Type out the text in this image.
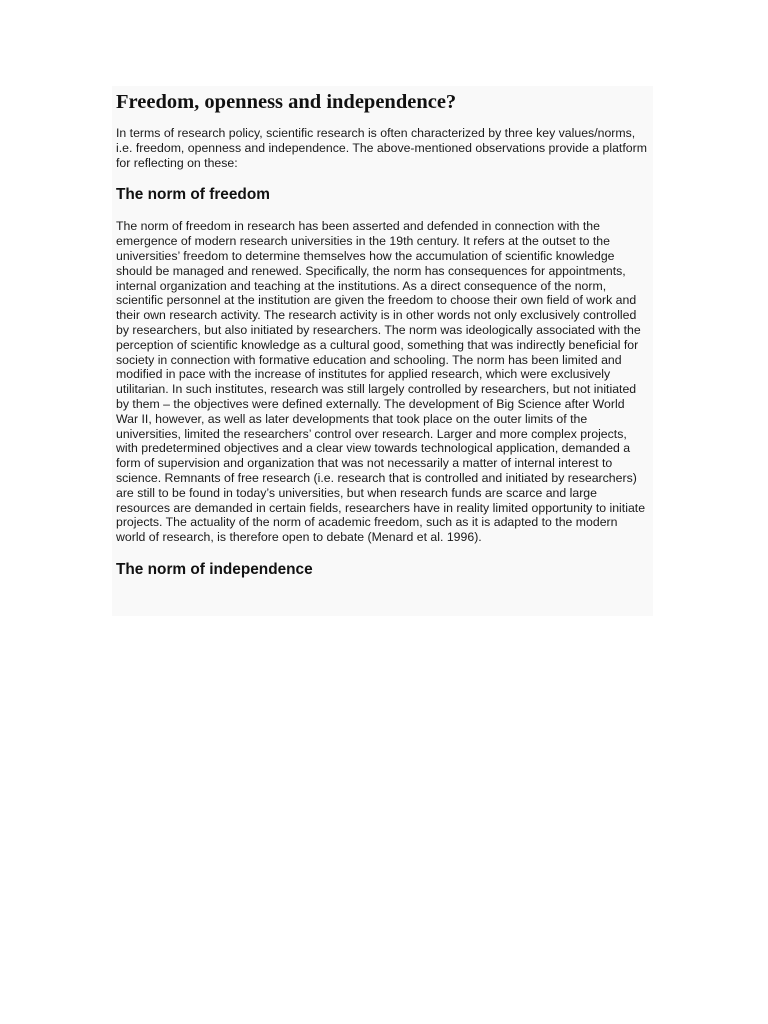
Freedom, openness and independence?

In terms of research policy, scientific research is often characterized by three key values/norms, i.e. freedom, openness and independence. The above-mentioned observations provide a platform for reflecting on these:

The norm of freedom

The norm of freedom in research has been asserted and defended in connection with the emergence of modern research universities in the 19th century. It refers at the outset to the universities’ freedom to determine themselves how the accumulation of scientific knowledge should be managed and renewed. Specifically, the norm has consequences for appointments, internal organization and teaching at the institutions. As a direct consequence of the norm, scientific personnel at the institution are given the freedom to choose their own field of work and their own research activity. The research activity is in other words not only exclusively controlled by researchers, but also initiated by researchers. The norm was ideologically associated with the perception of scientific knowledge as a cultural good, something that was indirectly beneficial for society in connection with formative education and schooling. The norm has been limited and modified in pace with the increase of institutes for applied research, which were exclusively utilitarian. In such institutes, research was still largely controlled by researchers, but not initiated by them – the objectives were defined externally. The development of Big Science after World War II, however, as well as later developments that took place on the outer limits of the universities, limited the researchers’ control over research. Larger and more complex projects, with predetermined objectives and a clear view towards technological application, demanded a form of supervision and organization that was not necessarily a matter of internal interest to science. Remnants of free research (i.e. research that is controlled and initiated by researchers) are still to be found in today’s universities, but when research funds are scarce and large resources are demanded in certain fields, researchers have in reality limited opportunity to initiate projects. The actuality of the norm of academic freedom, such as it is adapted to the modern world of research, is therefore open to debate (Menard et al. 1996).

The norm of independence
